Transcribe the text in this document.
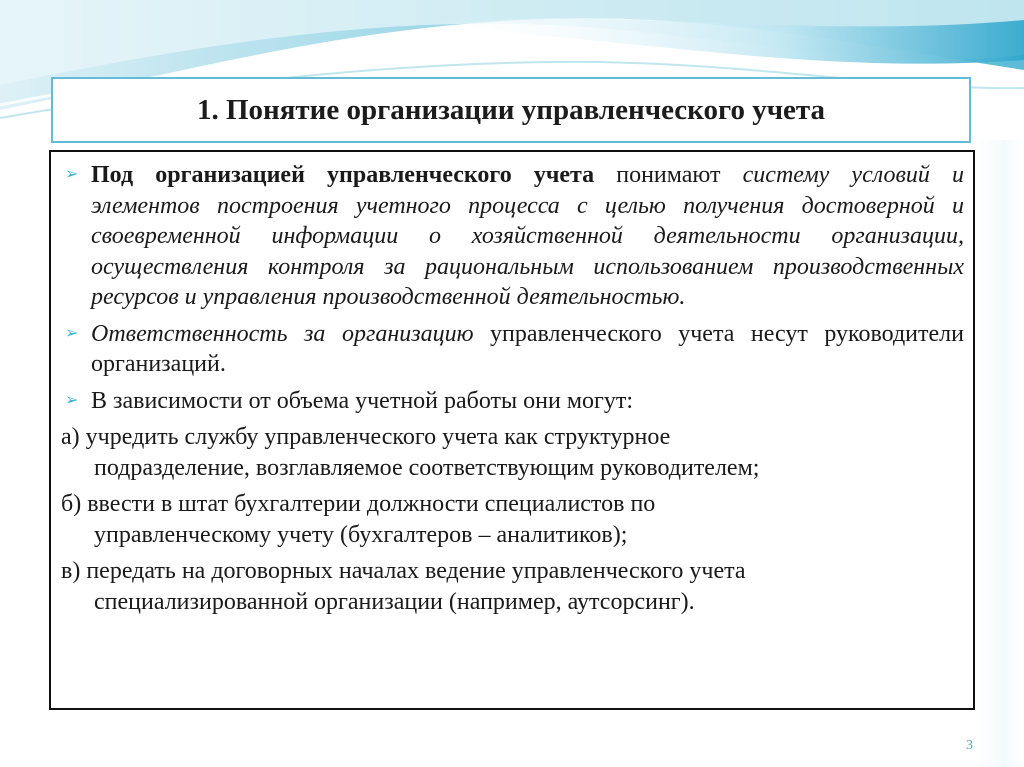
1. Понятие организации управленческого учета
➢ Под организацией управленческого учета понимают систему условий и элементов построения учетного процесса с целью получения достоверной и своевременной информации о хозяйственной деятельности организации, осуществления контроля за рациональным использованием производственных ресурсов и управления производственной деятельностью.
➢ Ответственность за организацию управленческого учета несут руководители организаций.
➢ В зависимости от объема учетной работы они могут:
а) учредить службу управленческого учета как структурное
подразделение, возглавляемое соответствующим руководителем;
б) ввести в штат бухгалтерии должности специалистов по
управленческому учету (бухгалтеров – аналитиков);
в) передать на договорных началах ведение управленческого учета
специализированной организации (например, аутсорсинг).
3
